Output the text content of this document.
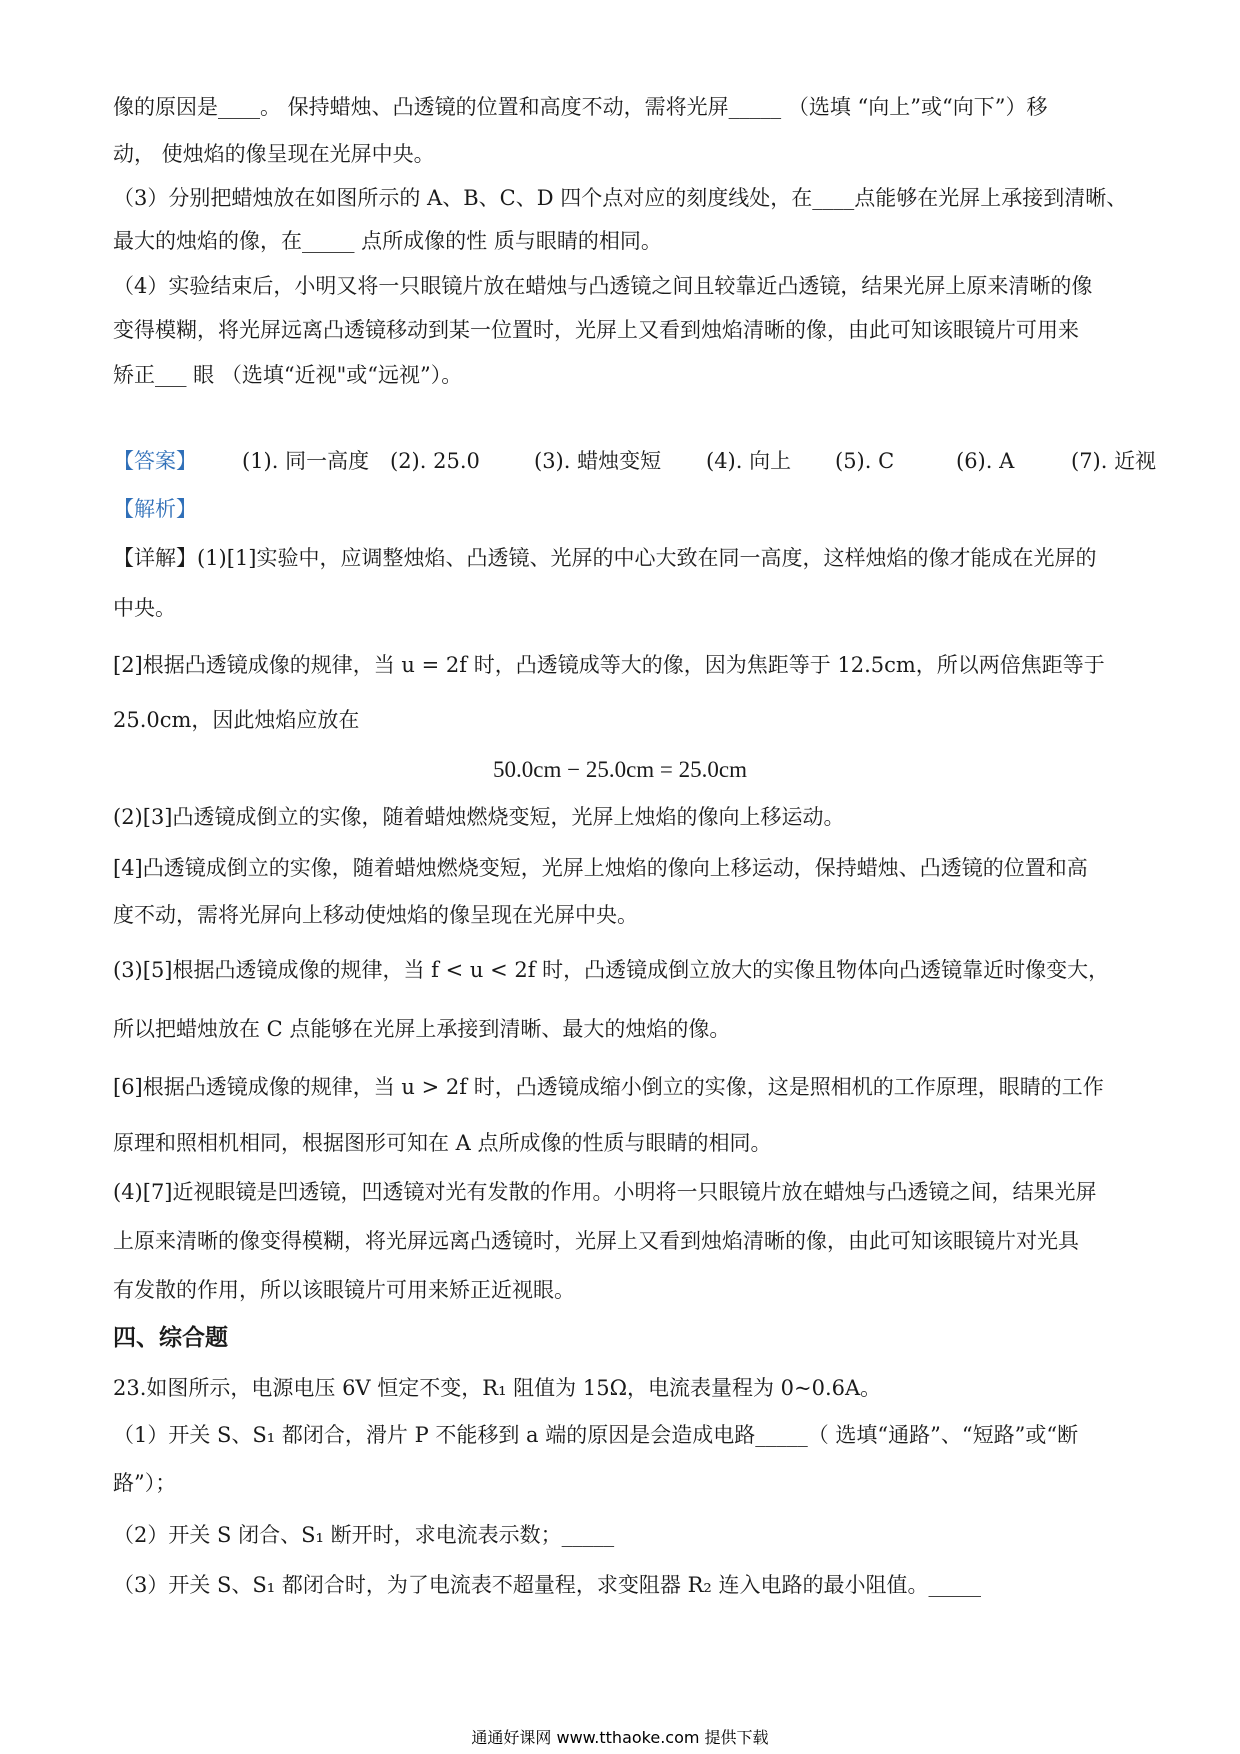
像的原因是____。 保持蜡烛、凸透镜的位置和高度不动，需将光屏_____ （选填 “向上”或“向下”）移
动， 使烛焰的像呈现在光屏中央。
（3）分别把蜡烛放在如图所示的 A、B、C、D 四个点对应的刻度线处，在____点能够在光屏上承接到清晰、
最大的烛焰的像，在_____ 点所成像的性 质与眼睛的相同。
（4）实验结束后，小明又将一只眼镜片放在蜡烛与凸透镜之间且较靠近凸透镜，结果光屏上原来清晰的像
变得模糊，将光屏远离凸透镜移动到某一位置时，光屏上又看到烛焰清晰的像，由此可知该眼镜片可用来
矫正___ 眼 （选填“近视"或“远视”）。
【答案】 (1). 同一高度 (2). 25.0	(3). 蜡烛变短 (4). 向上 (5). C	(6). A	(7). 近视
【解析】
【详解】(1)[1]实验中，应调整烛焰、凸透镜、光屏的中心大致在同一高度，这样烛焰的像才能成在光屏的
中央。
[2]根据凸透镜成像的规律，当 u = 2f 时，凸透镜成等大的像，因为焦距等于 12.5cm，所以两倍焦距等于
25.0cm，因此烛焰应放在
50.0cm − 25.0cm = 25.0cm
(2)[3]凸透镜成倒立的实像，随着蜡烛燃烧变短，光屏上烛焰的像向上移运动。
[4]凸透镜成倒立的实像，随着蜡烛燃烧变短，光屏上烛焰的像向上移运动，保持蜡烛、凸透镜的位置和高
度不动，需将光屏向上移动使烛焰的像呈现在光屏中央。
(3)[5]根据凸透镜成像的规律，当 f < u < 2f 时，凸透镜成倒立放大的实像且物体向凸透镜靠近时像变大，
所以把蜡烛放在 C 点能够在光屏上承接到清晰、最大的烛焰的像。
[6]根据凸透镜成像的规律，当 u > 2f 时，凸透镜成缩小倒立的实像，这是照相机的工作原理，眼睛的工作
原理和照相机相同，根据图形可知在 A 点所成像的性质与眼睛的相同。
(4)[7]近视眼镜是凹透镜，凹透镜对光有发散的作用。小明将一只眼镜片放在蜡烛与凸透镜之间，结果光屏
上原来清晰的像变得模糊，将光屏远离凸透镜时，光屏上又看到烛焰清晰的像，由此可知该眼镜片对光具
有发散的作用，所以该眼镜片可用来矫正近视眼。
四、综合题
23.如图所示，电源电压 6V 恒定不变，R₁ 阻值为 15Ω，电流表量程为 0~0.6A。
（1）开关 S、S₁ 都闭合，滑片 P 不能移到 a 端的原因是会造成电路_____（ 选填“通路”、“短路”或“断
路”）；
（2）开关 S 闭合、S₁ 断开时，求电流表示数；_____
（3）开关 S、S₁ 都闭合时，为了电流表不超量程，求变阻器 R₂ 连入电路的最小阻值。_____
通通好课网 www.tthaoke.com 提供下载
